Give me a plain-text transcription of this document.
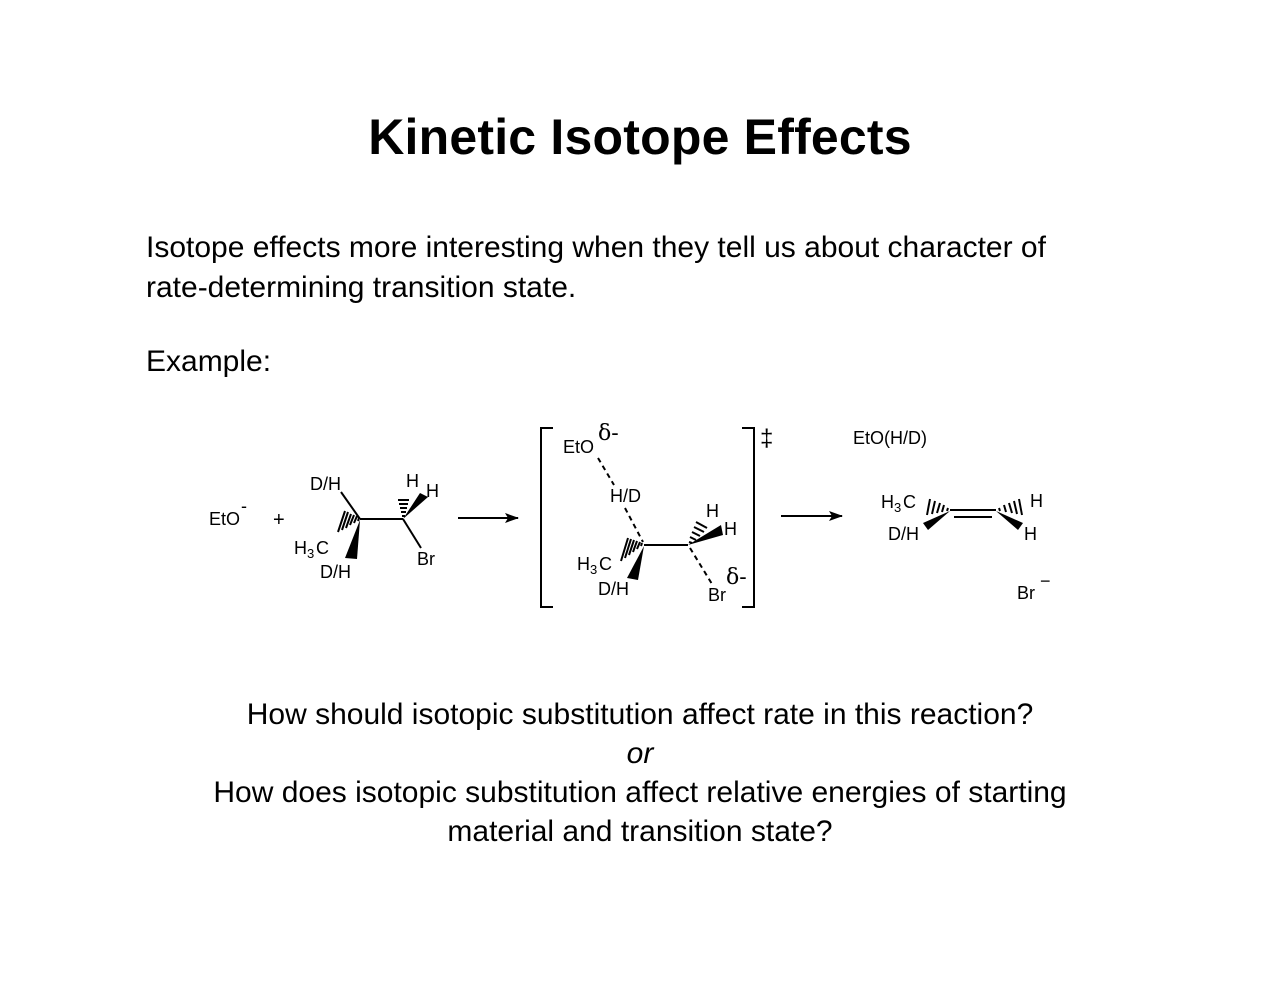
Kinetic Isotope Effects

Isotope effects more interesting when they tell us about character of

rate-determining transition state.

Example:
EtO
-
+
D/H
H 3 C
D/H
H H
Br
‡
EtO
δ-
H/D
H 3 C
D/H
H
H
Br
δ-
EtO(H/D)
H 3 C
D/H
H
H
Br
−

How should isotopic substitution affect rate in this reaction?

or

How does isotopic substitution affect relative energies of starting

material and transition state?
